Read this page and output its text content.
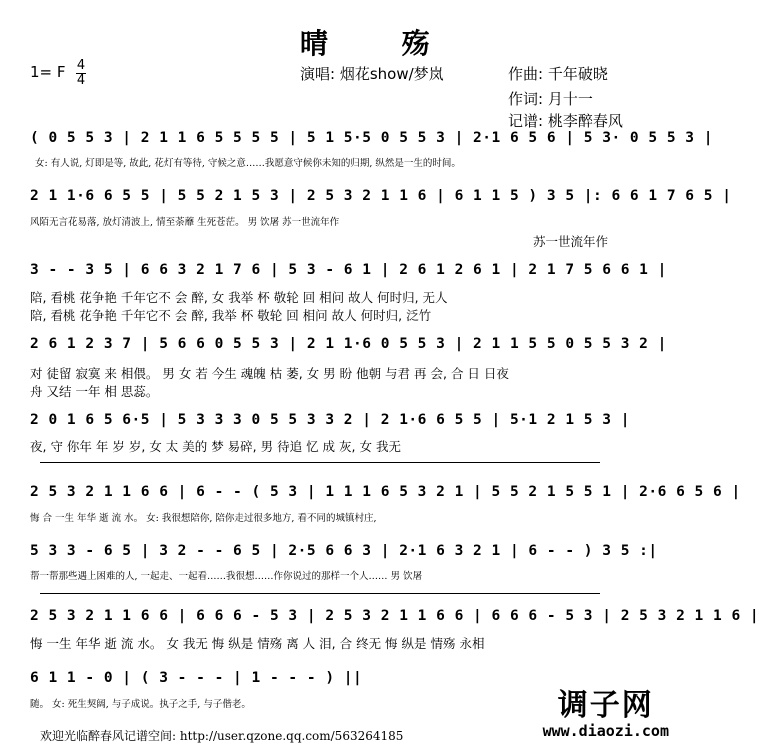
晴 殇
1= F 4
4	演唱: 烟花show/梦岚	作曲: 千年破晓
作词: 月十一
记谱: 桃李醉春风
( 0 5 5 3 | 2 1 1 6 5 5 5 5 | 5 1 5·5 0 5 5 3 | 2·1 6 5 6 | 5 3· 0 5 5 3 |
女: 有人说, 灯即是等, 故此, 花灯有等待, 守候之意……我愿意守候你未知的归期, 纵然是一生的时间。
2 1 1·6 6 5 5 | 5 5 2 1 5 3 | 2 5 3 2 1 1 6 | 6 1 1 5 ) 3 5 |: 6 6 1 7 6 5 |
风陌无言花易落, 放灯清波上, 情至荼蘼 生死苍茫。 男 饮屠 苏一世流年作
苏一世流年作
3 - - 3 5 | 6 6 3 2 1 7 6 | 5 3 - 6 1 | 2 6 1 2 6 1 | 2 1 7 5 6 6 1 |
陪, 看桃 花争艳 千年它不 会 醉, 女 我举 杯 敬轮 回 相问 故人 何时归, 无人
陪, 看桃 花争艳 千年它不 会 醉, 我举 杯 敬轮 回 相问 故人 何时归, 泛竹
2 6 1 2 3 7 | 5 6 6 0 5 5 3 | 2 1 1·6 0 5 5 3 | 2 1 1 5 5 0 5 5 3 2 |
对 徒留 寂寞 来 相偎。 男 女 若 今生 魂魄 枯 萎, 女 男 盼 他朝 与君 再 会, 合 日 日夜
舟 又结 一年 相 思蕊。
2 0 1 6 5 6·5 | 5 3 3 3 0 5 5 3 3 2 | 2 1·6 6 5 5 | 5·1 2 1 5 3 |
夜, 守 你年 年 岁 岁, 女 太 美的 梦 易碎, 男 待追 忆 成 灰, 女 我无
2 5 3 2 1 1 6 6 | 6 - - ( 5 3 | 1 1 1 6 5 3 2 1 | 5 5 2 1 5 5 1 | 2·6 6 5 6 |
悔 合 一生 年华 逝 流 水。 女: 我很想陪你, 陪你走过很多地方, 看不同的城镇村庄,
5 3 3 - 6 5 | 3 2 - - 6 5 | 2·5 6 6 3 | 2·1 6 3 2 1 | 6 - - ) 3 5 :|
帮一帮那些遇上困难的人, 一起走、一起看……我很想……作你说过的那样一个人…… 男 饮屠
2 5 3 2 1 1 6 6 | 6 6 6 - 5 3 | 2 5 3 2 1 1 6 6 | 6 6 6 - 5 3 | 2 5 3 2 1 1 6 |
悔 一生 年华 逝 流 水。 女 我无 悔 纵是 情殇 离 人 泪, 合 终无 悔 纵是 情殇 永相
6 1 1 - 0 | ( 3 - - - | 1 - - - ) ||
随。 女: 死生契阔, 与子成说。执子之手, 与子偕老。	调子网
www.diaozi.com
欢迎光临醉春风记谱空间: http://user.qzone.qq.com/563264185
